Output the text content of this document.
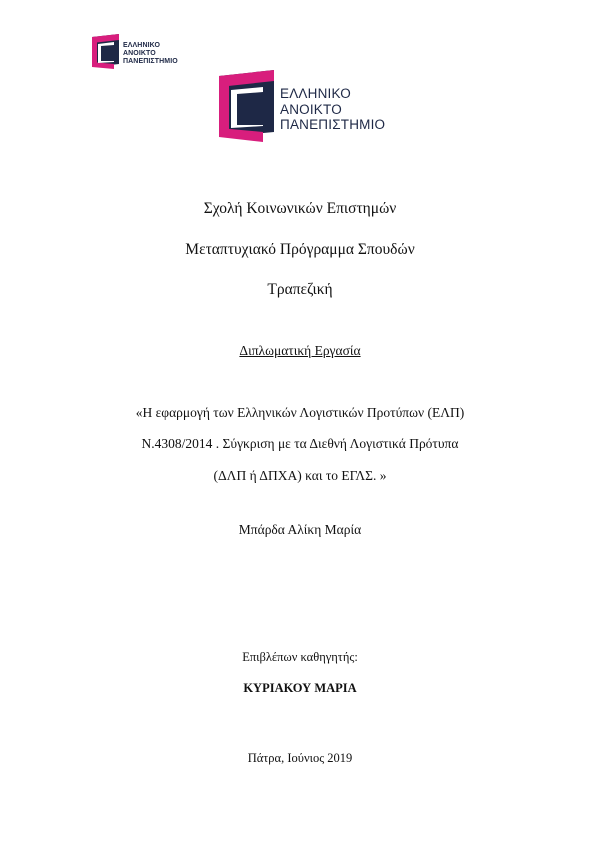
ΕΛΛΗΝΙΚΟ
ΑΝΟΙΚΤΟ
ΠΑΝΕΠΙΣΤΗΜΙΟ
ΕΛΛΗΝΙΚΟ
ΑΝΟΙΚΤΟ
ΠΑΝΕΠΙΣΤΗΜΙΟ
Σχολή Κοινωνικών Επιστημών
Μεταπτυχιακό Πρόγραμμα Σπουδών
Τραπεζική
Διπλωματική Εργασία
«Η εφαρμογή των Ελληνικών Λογιστικών Προτύπων (ΕΛΠ)
Ν.4308/2014 . Σύγκριση με τα Διεθνή Λογιστικά Πρότυπα
(ΔΛΠ ή ΔΠΧΑ) και το ΕΓΛΣ. »
Μπάρδα Αλίκη Μαρία
Επιβλέπων καθηγητής:
ΚΥΡΙΑΚΟΥ ΜΑΡΙΑ
Πάτρα, Ιούνιος 2019
